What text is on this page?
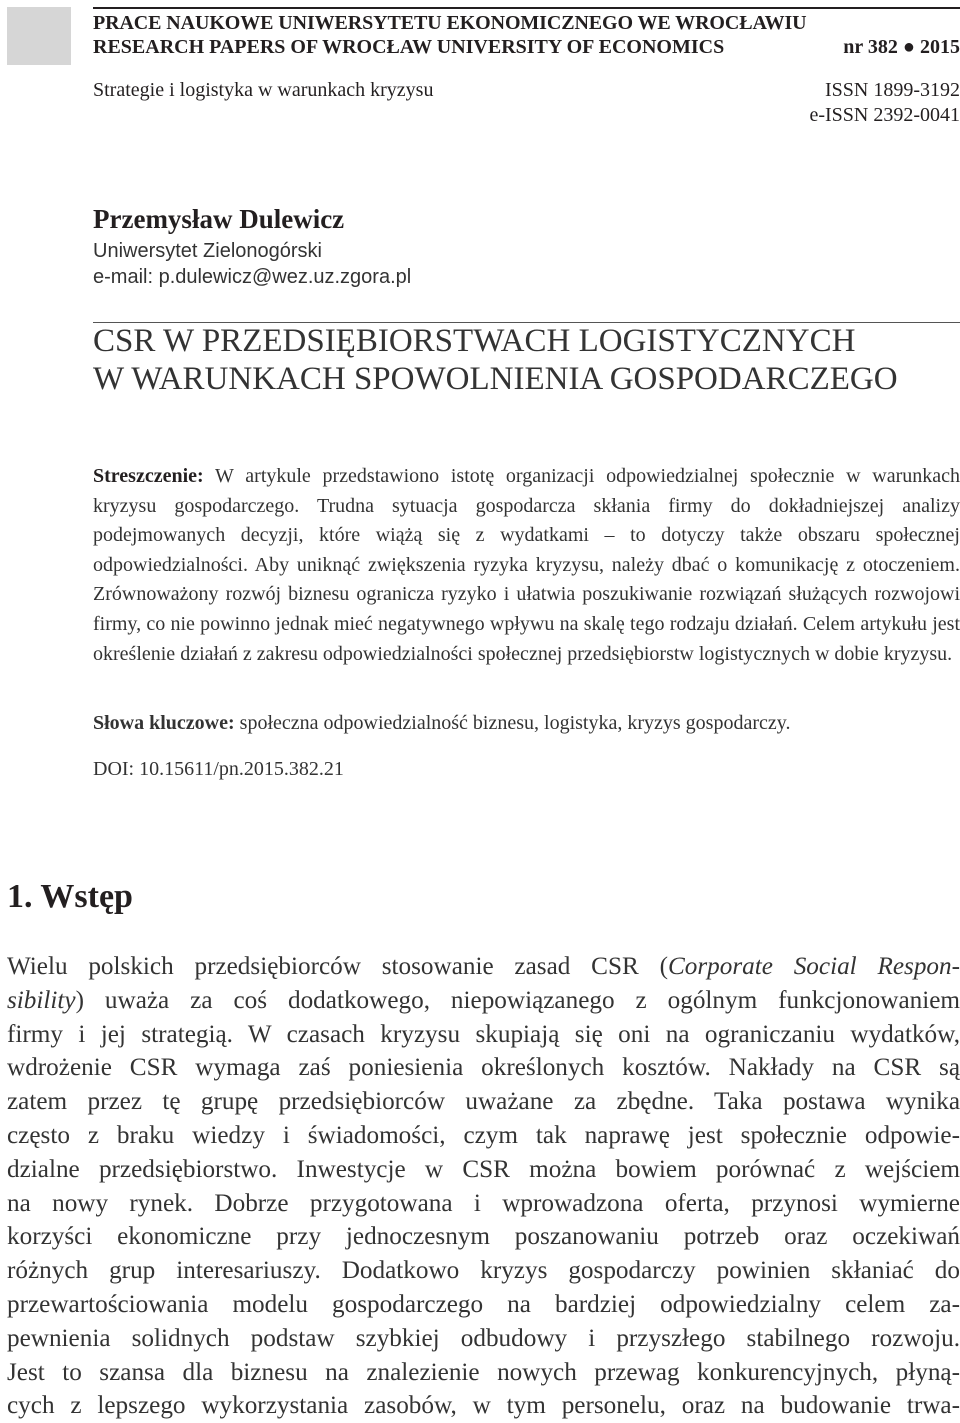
PRACE NAUKOWE UNIWERSYTETU EKONOMICZNEGO WE WROCŁAWIU
RESEARCH PAPERS OF WROCŁAW UNIVERSITY OF ECONOMICS	nr 382 ● 2015
Strategie i logistyka w warunkach kryzysu	ISSN 1899-3192
e-ISSN 2392-0041
Przemysław Dulewicz
Uniwersytet Zielonogórski
e-mail: p.dulewicz@wez.uz.zgora.pl
CSR W PRZEDSIĘBIORSTWACH LOGISTYCZNYCH
W WARUNKACH SPOWOLNIENIA GOSPODARCZEGO
Streszczenie: W artykule przedstawiono istotę organizacji odpowiedzialnej społecznie w warunkach kryzysu gospodarczego. Trudna sytuacja gospodarcza skłania firmy do dokładniejszej analizy podejmowanych decyzji, które wiążą się z wydatkami – to dotyczy także obszaru społecznej odpowiedzialności. Aby uniknąć zwiększenia ryzyka kryzysu, należy dbać o komunikację z otoczeniem. Zrównoważony rozwój biznesu ogranicza ryzyko i ułatwia poszukiwanie rozwiązań służących rozwojowi firmy, co nie powinno jednak mieć negatywnego wpływu na skalę tego rodzaju działań. Celem artykułu jest określenie działań z zakresu odpowiedzialności społecznej przedsiębiorstw logistycznych w dobie kryzysu.
Słowa kluczowe: społeczna odpowiedzialność biznesu, logistyka, kryzys gospodarczy.
DOI: 10.15611/pn.2015.382.21
1. Wstęp
Wielu polskich przedsiębiorców stosowanie zasad CSR (Corporate Social Respon-
sibility) uważa za coś dodatkowego, niepowiązanego z ogólnym funkcjonowaniem
firmy i jej strategią. W czasach kryzysu skupiają się oni na ograniczaniu wydatków,
wdrożenie CSR wymaga zaś poniesienia określonych kosztów. Nakłady na CSR są
zatem przez tę grupę przedsiębiorców uważane za zbędne. Taka postawa wynika
często z braku wiedzy i świadomości, czym tak naprawę jest społecznie odpowie-
dzialne przedsiębiorstwo. Inwestycje w CSR można bowiem porównać z wejściem
na nowy rynek. Dobrze przygotowana i wprowadzona oferta, przynosi wymierne
korzyści ekonomiczne przy jednoczesnym poszanowaniu potrzeb oraz oczekiwań
różnych grup interesariuszy. Dodatkowo kryzys gospodarczy powinien skłaniać do
przewartościowania modelu gospodarczego na bardziej odpowiedzialny celem za-
pewnienia solidnych podstaw szybkiej odbudowy i przyszłego stabilnego rozwoju.
Jest to szansa dla biznesu na znalezienie nowych przewag konkurencyjnych, płyną-
cych z lepszego wykorzystania zasobów, w tym personelu, oraz na budowanie trwa-
